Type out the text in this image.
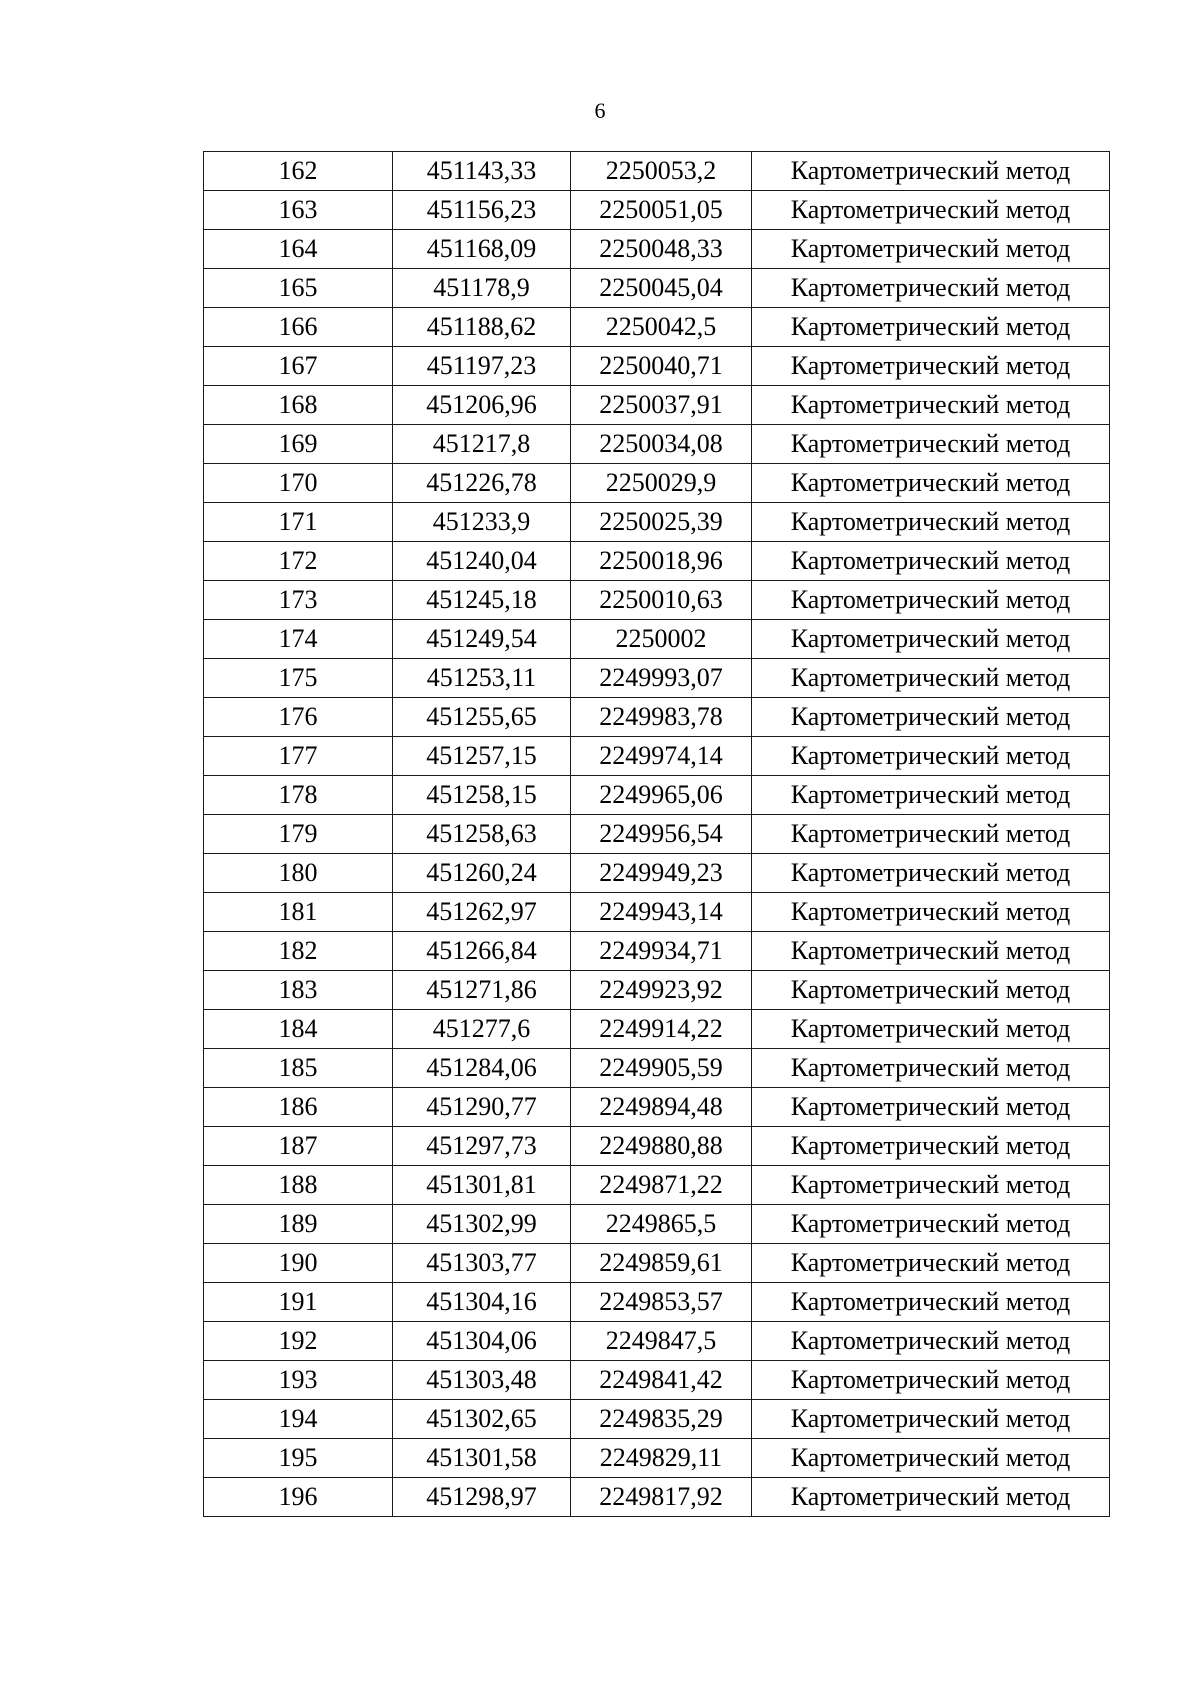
6
162	451143,33	2250053,2	Картометрический метод
163	451156,23	2250051,05	Картометрический метод
164	451168,09	2250048,33	Картометрический метод
165	451178,9	2250045,04	Картометрический метод
166	451188,62	2250042,5	Картометрический метод
167	451197,23	2250040,71	Картометрический метод
168	451206,96	2250037,91	Картометрический метод
169	451217,8	2250034,08	Картометрический метод
170	451226,78	2250029,9	Картометрический метод
171	451233,9	2250025,39	Картометрический метод
172	451240,04	2250018,96	Картометрический метод
173	451245,18	2250010,63	Картометрический метод
174	451249,54	2250002	Картометрический метод
175	451253,11	2249993,07	Картометрический метод
176	451255,65	2249983,78	Картометрический метод
177	451257,15	2249974,14	Картометрический метод
178	451258,15	2249965,06	Картометрический метод
179	451258,63	2249956,54	Картометрический метод
180	451260,24	2249949,23	Картометрический метод
181	451262,97	2249943,14	Картометрический метод
182	451266,84	2249934,71	Картометрический метод
183	451271,86	2249923,92	Картометрический метод
184	451277,6	2249914,22	Картометрический метод
185	451284,06	2249905,59	Картометрический метод
186	451290,77	2249894,48	Картометрический метод
187	451297,73	2249880,88	Картометрический метод
188	451301,81	2249871,22	Картометрический метод
189	451302,99	2249865,5	Картометрический метод
190	451303,77	2249859,61	Картометрический метод
191	451304,16	2249853,57	Картометрический метод
192	451304,06	2249847,5	Картометрический метод
193	451303,48	2249841,42	Картометрический метод
194	451302,65	2249835,29	Картометрический метод
195	451301,58	2249829,11	Картометрический метод
196	451298,97	2249817,92	Картометрический метод
